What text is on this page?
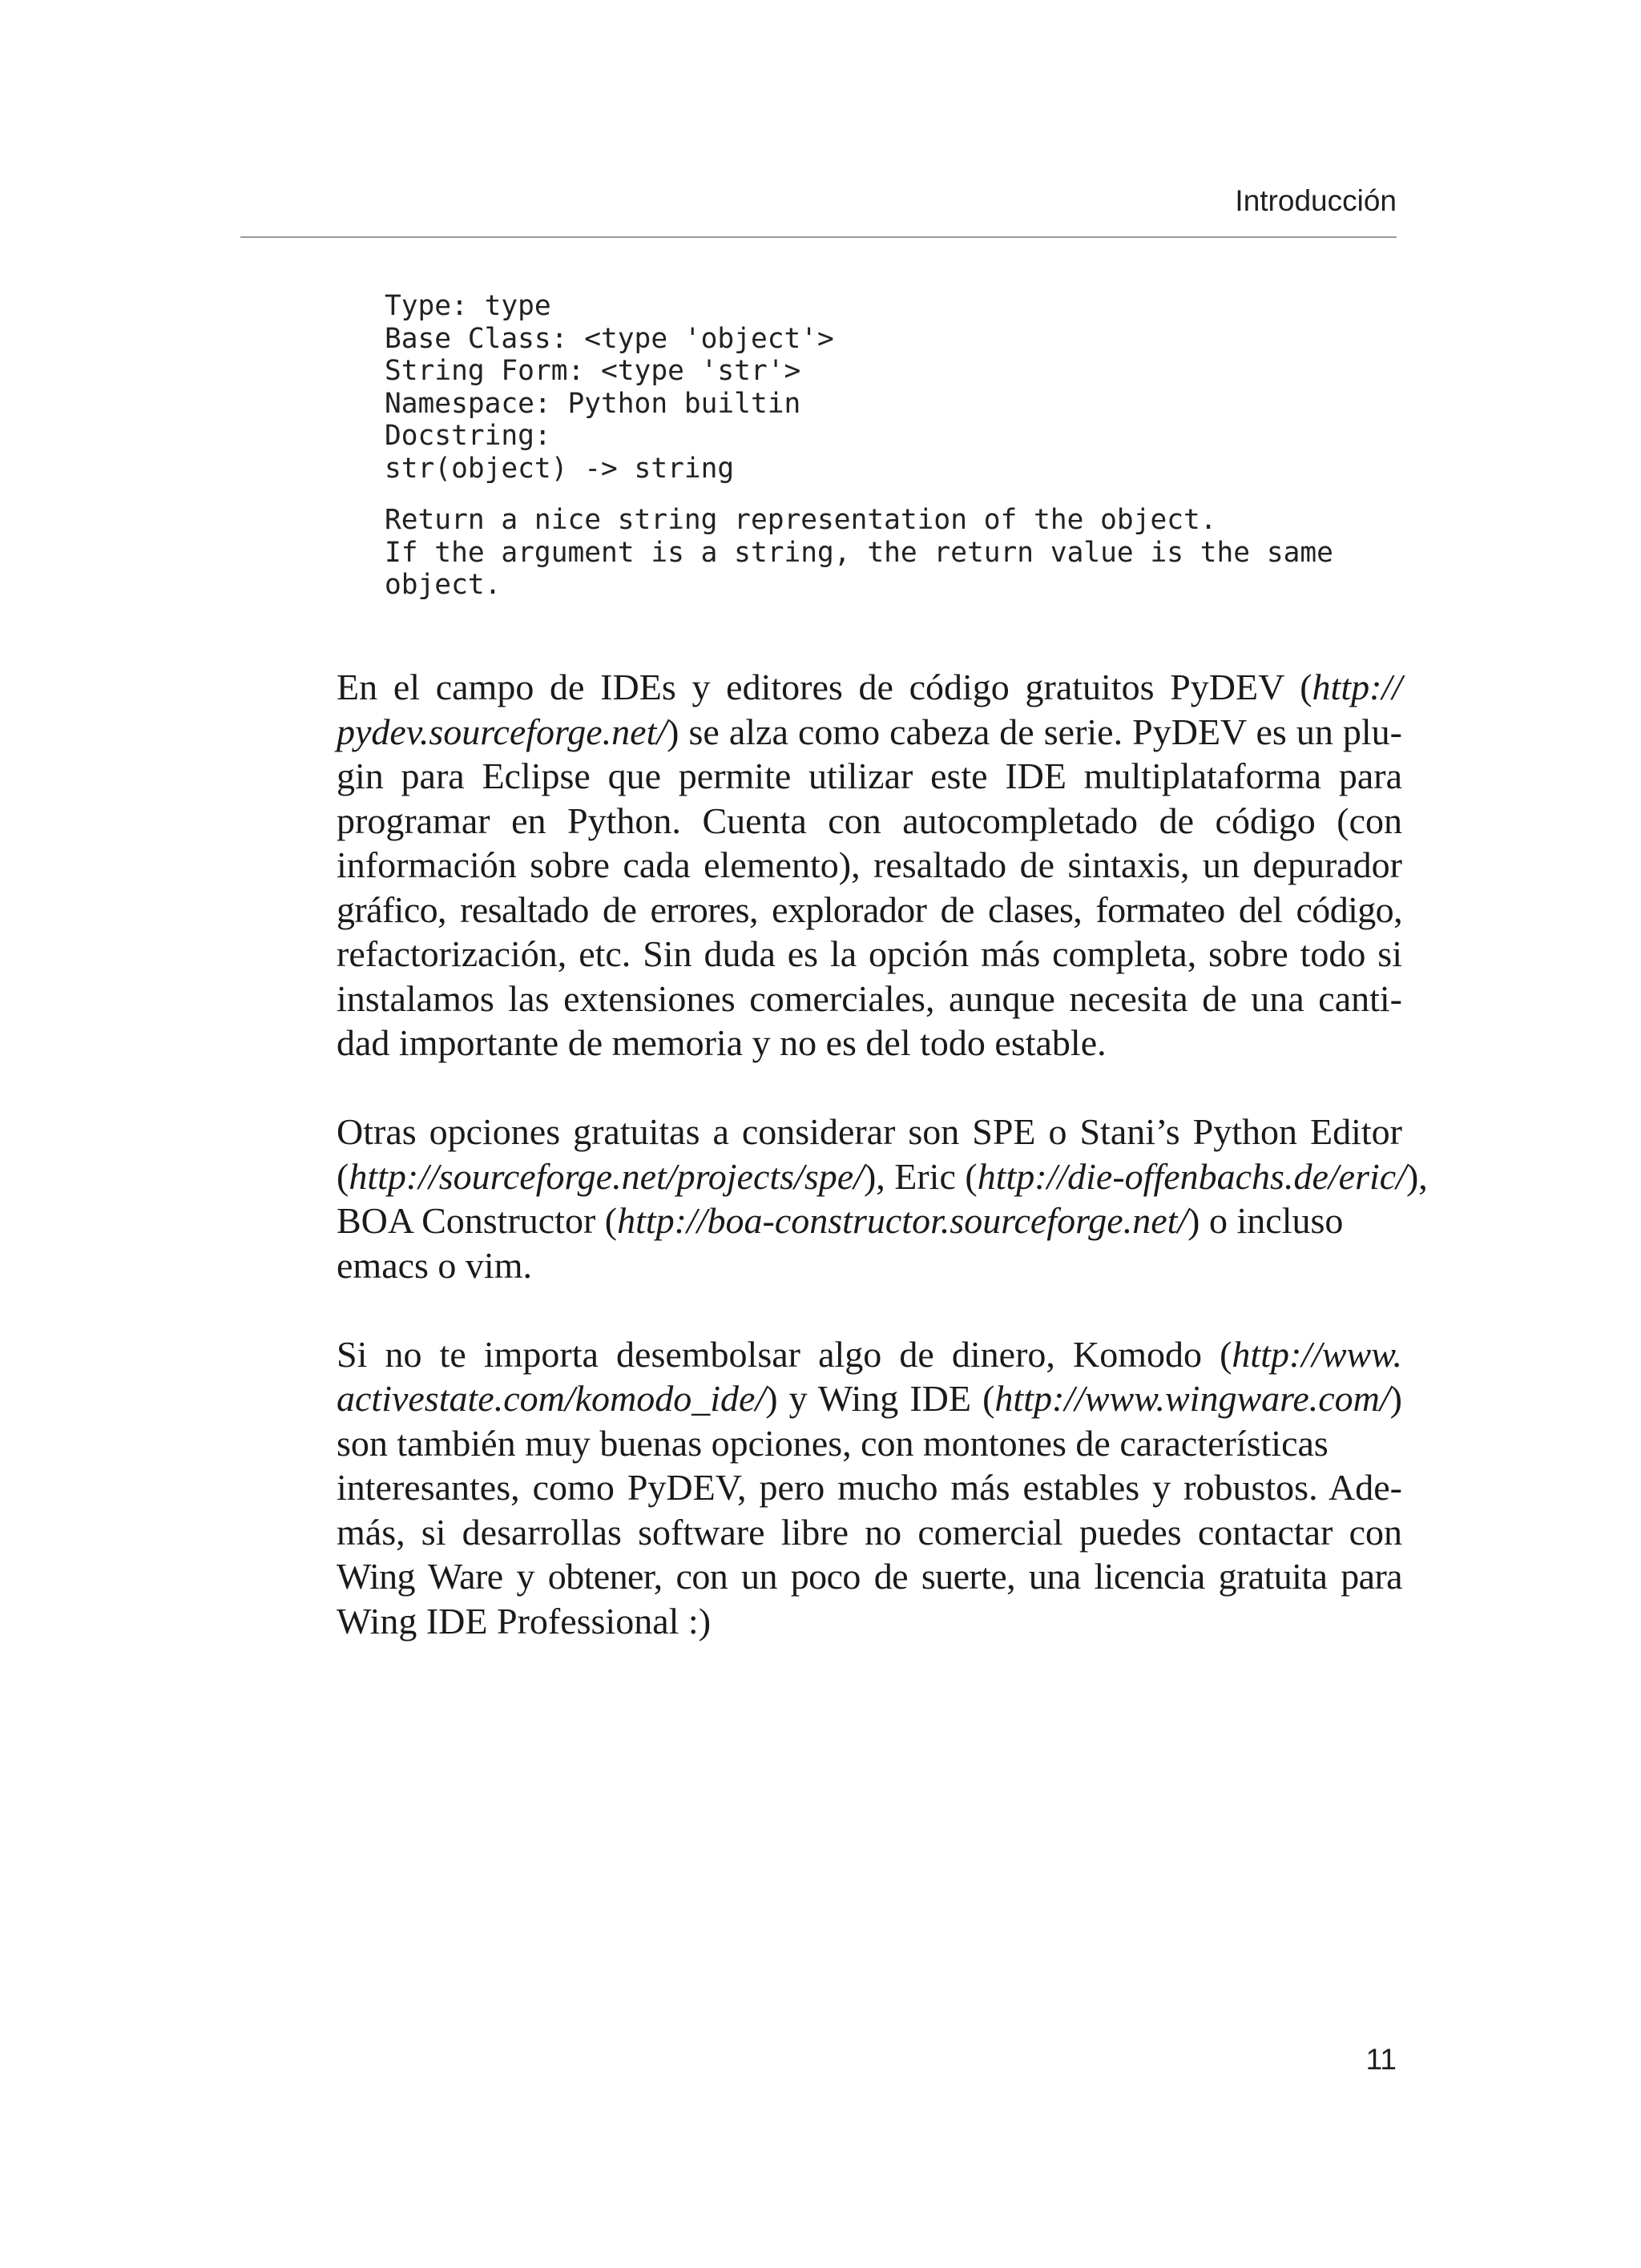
Introducción
Type: type
Base Class: <type 'object'>
String Form: <type 'str'>
Namespace: Python builtin
Docstring:
str(object) -> string
Return a nice string representation of the object.
If the argument is a string, the return value is the same
object.

En el campo de IDEs y editores de código gratuitos PyDEV (http://
pydev.sourceforge.net/) se alza como cabeza de serie. PyDEV es un plu-
gin para Eclipse que permite utilizar este IDE multiplataforma para
programar en Python. Cuenta con autocompletado de código (con
información sobre cada elemento), resaltado de sintaxis, un depurador
gráfico, resaltado de errores, explorador de clases, formateo del código,
refactorización, etc. Sin duda es la opción más completa, sobre todo si
instalamos las extensiones comerciales, aunque necesita de una canti-
dad importante de memoria y no es del todo estable.

Otras opciones gratuitas a considerar son SPE o Stani’s Python Editor
(http://sourceforge.net/projects/spe/), Eric (http://die-offenbachs.de/eric/),
BOA Constructor (http://boa-constructor.sourceforge.net/) o incluso
emacs o vim.

Si no te importa desembolsar algo de dinero, Komodo (http://www.
activestate.com/komodo_ide/) y Wing IDE (http://www.wingware.com/)
son también muy buenas opciones, con montones de características
interesantes, como PyDEV, pero mucho más estables y robustos. Ade-
más, si desarrollas software libre no comercial puedes contactar con
Wing Ware y obtener, con un poco de suerte, una licencia gratuita para
Wing IDE Professional :)

11
